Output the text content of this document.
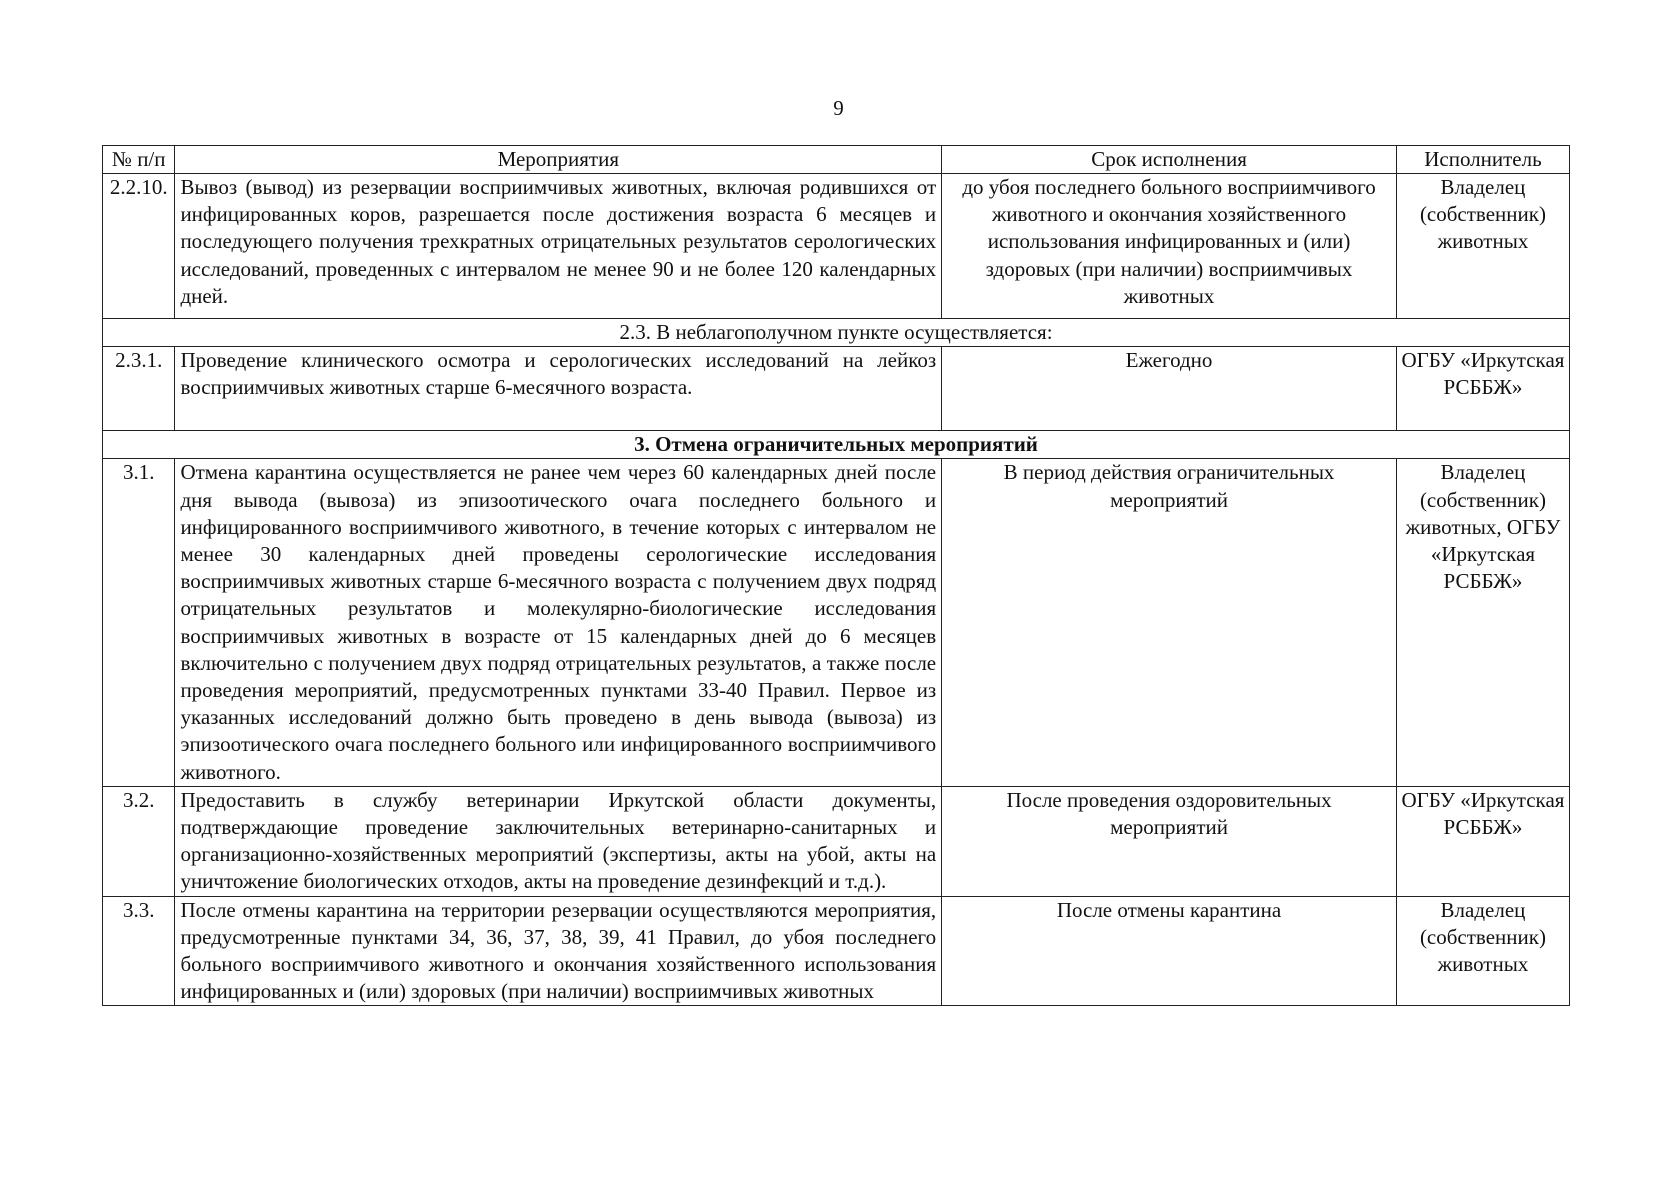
9
№ п/п	Мероприятия	Срок исполнения	Исполнитель
2.2.10.	Вывоз (вывод) из резервации восприимчивых животных, включая родившихся от инфицированных коров, разрешается после достижения возраста 6 месяцев и последующего получения трехкратных отрицательных результатов серологических исследований, проведенных с интервалом не менее 90 и не более 120 календарных дней.	до убоя последнего больного восприимчивого животного и окончания хозяйственного использования инфицированных и (или) здоровых (при наличии) восприимчивых животных	Владелец (собственник) животных
2.3. В неблагополучном пункте осуществляется:			
2.3.1.	Проведение клинического осмотра и серологических исследований на лейкоз восприимчивых животных старше 6-месячного возраста.	Ежегодно	ОГБУ «Иркутская РСББЖ»
3. Отмена ограничительных мероприятий			
3.1.	Отмена карантина осуществляется не ранее чем через 60 календарных дней после дня вывода (вывоза) из эпизоотического очага последнего больного и инфицированного восприимчивого животного, в течение которых с интервалом не менее 30 календарных дней проведены серологические исследования восприимчивых животных старше 6-месячного возраста с получением двух подряд отрицательных результатов и молекулярно-биологические исследования восприимчивых животных в возрасте от 15 календарных дней до 6 месяцев включительно с получением двух подряд отрицательных результатов, а также после проведения мероприятий, предусмотренных пунктами 33-40 Правил. Первое из указанных исследований должно быть проведено в день вывода (вывоза) из эпизоотического очага последнего больного или инфицированного восприимчивого животного.	В период действия ограничительных мероприятий	Владелец (собственник) животных, ОГБУ «Иркутская РСББЖ»
3.2.	Предоставить в службу ветеринарии Иркутской области документы, подтверждающие проведение заключительных ветеринарно-санитарных и организационно-хозяйственных мероприятий (экспертизы, акты на убой, акты на уничтожение биологических отходов, акты на проведение дезинфекций и т.д.).	После проведения оздоровительных мероприятий	ОГБУ «Иркутская РСББЖ»
3.3.	После отмены карантина на территории резервации осуществляются мероприятия, предусмотренные пунктами 34, 36, 37, 38, 39, 41 Правил, до убоя последнего больного восприимчивого животного и окончания хозяйственного использования инфицированных и (или) здоровых (при наличии) восприимчивых животных	После отмены карантина	Владелец (собственник) животных
